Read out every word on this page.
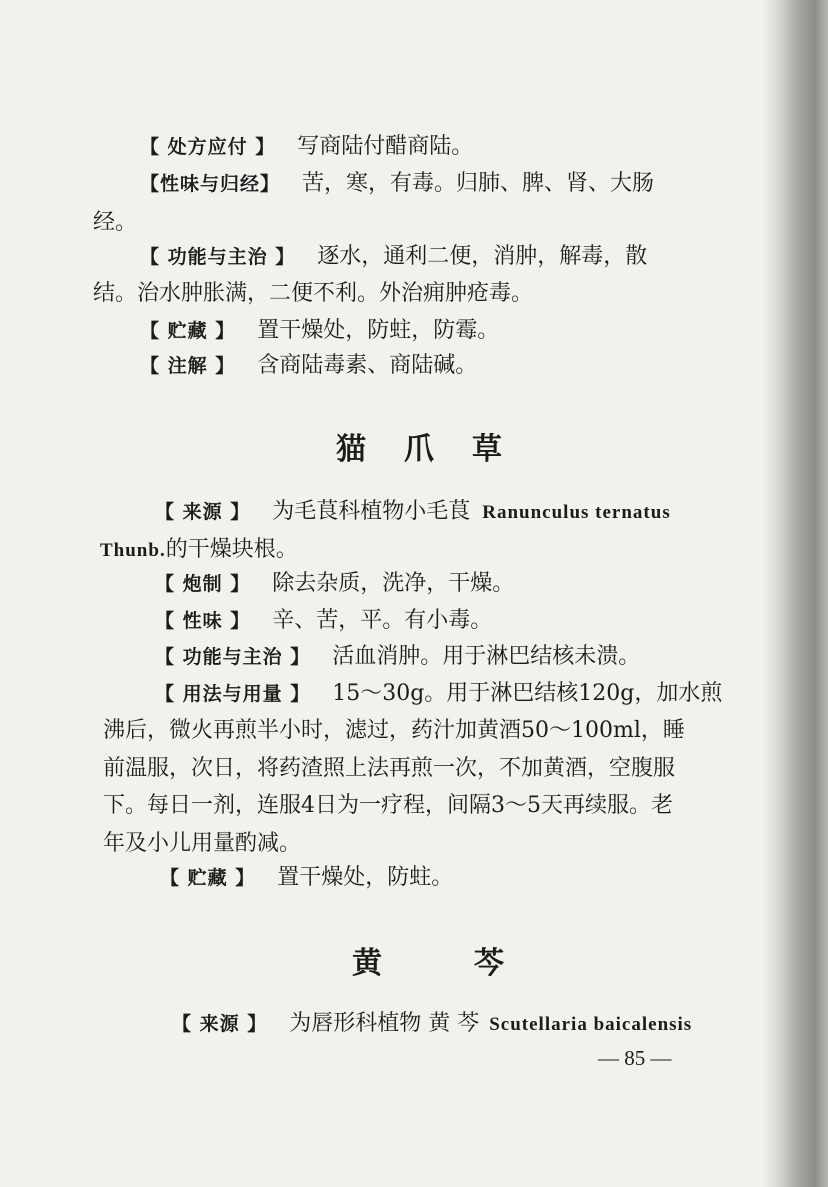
【 处方应付 】 写商陆付醋商陆。
【性味与归经】 苦，寒，有毒。归肺、脾、肾、大肠
经。
【 功能与主治 】 逐水，通利二便，消肿，解毒，散
结。治水肿胀满，二便不利。外治痈肿疮毒。
【 贮藏 】 置干燥处，防蛀，防霉。
【 注解 】 含商陆毒素、商陆碱。
猫 爪 草
【 来源 】 为毛茛科植物小毛茛 Ranunculus ternatus
Thunb.的干燥块根。
【 炮制 】 除去杂质，洗净，干燥。
【 性味 】 辛、苦，平。有小毒。
【 功能与主治 】 活血消肿。用于淋巴结核未溃。
【 用法与用量 】 15～30g。用于淋巴结核120g，加水煎
沸后，微火再煎半小时，滤过，药汁加黄酒50～100ml，睡
前温服，次日，将药渣照上法再煎一次，不加黄酒，空腹服
下。每日一剂，连服4日为一疗程，间隔3～5天再续服。老
年及小儿用量酌减。
【 贮藏 】 置干燥处，防蛀。
黄	芩
【 来源 】 为唇形科植物 黄 芩 Scutellaria baicalensis
— 85 —
